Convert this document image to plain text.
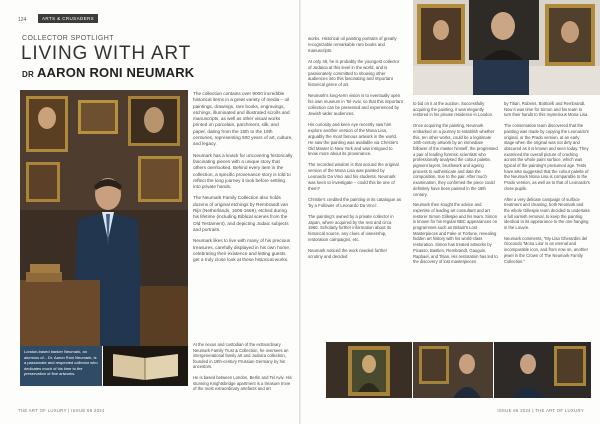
124	ARTS & CRUSADERS
COLLECTOR SPOTLIGHT
LIVING WITH ART
DR AARON RONI NEUMARK
London-based banker Neumark, an alumnus of... Dr. Aaron Roni Neumark, is a passionate and respected collector who dedicates much of his time to the preservation of fine artworks.

The collection contains over 9000 incredible historical items in a great variety of media – oil paintings, drawings, rare books, engravings, etchings, illuminated and illustrated scrolls and manuscripts, as well as other visual works printed on porcelain, parchment, silk, and paper, dating from the 15th to the 19th centuries, representing 500 years of art, culture, and legacy.

Neumark has a knack for uncovering historically fascinating pieces with a unique story that others overlooked. Behind every item in the collection, a specific provenance story is told to reflect the long journey it took before settling into private hands.

The Neumark Family Collection also holds dozens of original etchings by Rembrandt van Rijn (Netherlands, 1606-1669), etched during his lifetime (including Biblical scenes from the Old Testament), and depicting Judaic subjects and portraits.

Neumark likes to live with many of his precious treasures, carefully displayed in his own home, celebrating their existence and letting guests get a truly close look at these historical works.

At the nexus and custodian of the extraordinary Neumark Family Trust & Collection, he oversees an intergenerational family art and Judaica collection, founded in 19th-century Prussian Germany by his ancestors.

He is based between London, Berlin and Tel Aviv. His stunning Knightsbridge apartment is a treasure trove of the most extraordinary artefacts and art

works. Historical oil painting portraits of greatly recognizable remarkable rare books and manuscripts.

At only 48, he is probably the youngest collector of Judaica at this level in the world, and is passionately committed to showing other audiences into this fascinating and important historical genre of art.

Neumark's long-term vision is to eventually open his own museum in Tel-Aviv, so that this important collection can be presented and experienced by Jewish wider audiences.

His curiosity and keen eye recently saw him explore another version of the Mona Lisa, arguably the most famous artwork in the world. He saw the painting was available via Christie's Old Master in New York and was intrigued to know more about its provenance.

The recorded wisdom is that around the original version of the Mona Lisa was painted by Leonardo Da Vinci and his students. Neumark was keen to investigate – could this be one of them?

Christie's credited the painting in its catalogue as 'by a Follower of Leonardo Da Vinci'.

The painting's owned by a private collector in Japan, where acquired by the rest and circa 1960. Scholarly further information about its historical source, any clues of ownership, restoration campaigns, etc.

Neumark noticed the work needed further scrutiny and decided

to bid on it at the auction. Successfully acquiring the painting, it was elegantly restored in his private residence in London.

Once acquiring the painting, Neumark embarked on a journey to establish whether this, ten other works, could be a legitimate 16th-century artwork by an immediate follower of the master himself, the progressed a pair of leading forensic scientists who professionally analysed the colour palette, pigment layers, brushwork and ageing process to authenticate and date the composition, true to the pair. After much examination, they confirmed the piece could definitely have been painted in the 16th century.

Neumark then sought the advice and expertise of leading art consultant and art restorer Simon Gillespie and his team. Simon is known for his regular BBC appearances on programmes such as Britain's Lost Masterpieces and Fake or Fortune, revealing hidden art history with his world-class restoration. Simon has treated artworks by Picasso, Bastien, Rembrandt, Gauguin, Raphael, and Titian. His restoration has led to the discovery of lost masterpieces

by Titian, Rubens, Botticelli and Rembrandt. Now it was time for Simon and his team to turn their hands to this mysterious Mona Lisa.

The conservation team discovered that the painting was made by copying the Leonardo's original, or the Prado version, at an early stage when the original was not dirty and obscured as it is known and seen today. They examined the overall picture of cracking across the whole paint surface, which was typical of the painting's presumed age. Tests have also suggested that the colour palette of the Neumark Mona Lisa is comparable to the Prado version, as well as to that of Leonardo's close pupils.

After a very delicate campaign of surface treatment and cleaning, both Neumark and the whole Gillespie team decided to undertake a full varnish removal, to keep the painting identical to its appearance to the one hanging in the Louvre.

Neumark comments, "My Lisa Gherardini del Giocondo 'Mona Lisa' is an eternal and incomparable icon, and from now on, another jewel in the Crown of The Neumark Family Collection."

THE ART OF LUXURY | ISSUE 66 2024	ISSUE 66 2024 | THE ART OF LUXURY
